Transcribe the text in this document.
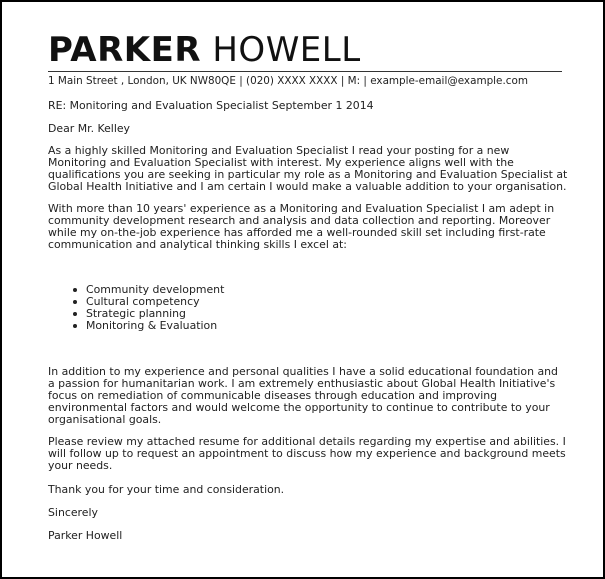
PARKER HOWELL
1 Main Street , London, UK NW80QE | (020) XXXX XXXX | M: | example-email@example.com
RE: Monitoring and Evaluation Specialist September 1 2014
Dear Mr. Kelley
As a highly skilled Monitoring and Evaluation Specialist I read your posting for a new Monitoring and Evaluation Specialist with interest. My experience aligns well with the qualifications you are seeking in particular my role as a Monitoring and Evaluation Specialist at Global Health Initiative and I am certain I would make a valuable addition to your organisation.
With more than 10 years' experience as a Monitoring and Evaluation Specialist I am adept in community development research and analysis and data collection and reporting. Moreover while my on-the-job experience has afforded me a well-rounded skill set including first-rate communication and analytical thinking skills I excel at:
Community development
Cultural competency
Strategic planning
Monitoring & Evaluation
In addition to my experience and personal qualities I have a solid educational foundation and a passion for humanitarian work. I am extremely enthusiastic about Global Health Initiative's focus on remediation of communicable diseases through education and improving environmental factors and would welcome the opportunity to continue to contribute to your organisational goals.
Please review my attached resume for additional details regarding my expertise and abilities. I will follow up to request an appointment to discuss how my experience and background meets your needs.
Thank you for your time and consideration.
Sincerely
Parker Howell
